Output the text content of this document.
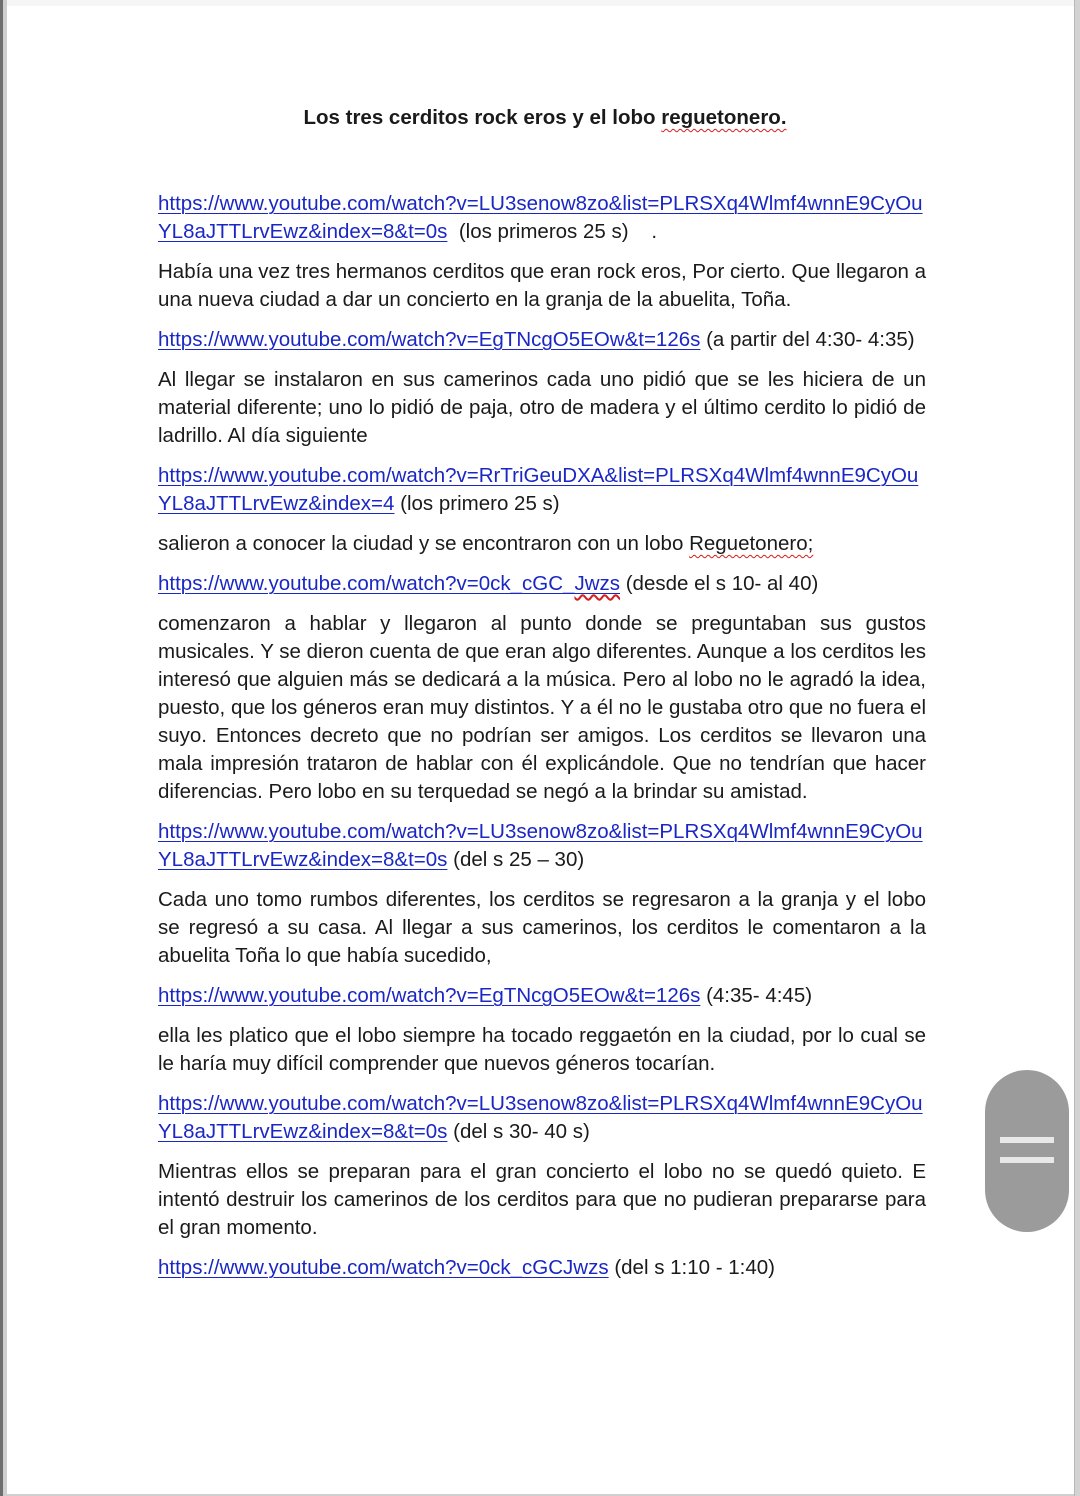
Los tres cerditos rock eros y el lobo reguetonero.

https://www.youtube.com/watch?v=LU3senow8zo&list=PLRSXq4Wlmf4wnnE9CyOuYL8aJTTLrvEwz&index=8&t=0s  (los primeros 25 s)    .

Había una vez tres hermanos cerditos que eran rock eros, Por cierto. Que llegaron a una nueva ciudad a dar un concierto en la granja de la abuelita, Toña.

https://www.youtube.com/watch?v=EgTNcgO5EOw&t=126s (a partir del 4:30- 4:35)

Al llegar se instalaron en sus camerinos cada uno pidió que se les hiciera de un material diferente; uno lo pidió de paja, otro de madera y el último cerdito lo pidió de ladrillo. Al día siguiente

https://www.youtube.com/watch?v=RrTriGeuDXA&list=PLRSXq4Wlmf4wnnE9CyOuYL8aJTTLrvEwz&index=4 (los primero 25 s)

salieron a conocer la ciudad y se encontraron con un lobo Reguetonero;

https://www.youtube.com/watch?v=0ck_cGC_Jwzs (desde el s 10- al 40)

comenzaron a hablar y llegaron al punto donde se preguntaban sus gustos musicales. Y se dieron cuenta de que eran algo diferentes. Aunque a los cerditos les interesó que alguien más se dedicará a la música. Pero al lobo no le agradó la idea, puesto, que los géneros eran muy distintos. Y a él no le gustaba otro que no fuera el suyo. Entonces decreto que no podrían ser amigos. Los cerditos se llevaron una mala impresión trataron de hablar con él explicándole. Que no tendrían que hacer diferencias. Pero lobo en su terquedad se negó a la brindar su amistad.

https://www.youtube.com/watch?v=LU3senow8zo&list=PLRSXq4Wlmf4wnnE9CyOuYL8aJTTLrvEwz&index=8&t=0s (del s 25 – 30)

Cada uno tomo rumbos diferentes, los cerditos se regresaron a la granja y el lobo se regresó a su casa. Al llegar a sus camerinos, los cerditos le comentaron a la abuelita Toña lo que había sucedido,

https://www.youtube.com/watch?v=EgTNcgO5EOw&t=126s (4:35- 4:45)

ella les platico que el lobo siempre ha tocado reggaetón en la ciudad, por lo cual se le haría muy difícil comprender que nuevos géneros tocarían.

https://www.youtube.com/watch?v=LU3senow8zo&list=PLRSXq4Wlmf4wnnE9CyOuYL8aJTTLrvEwz&index=8&t=0s (del s 30- 40 s)

Mientras ellos se preparan para el gran concierto el lobo no se quedó quieto. E intentó destruir los camerinos de los cerditos para que no pudieran prepararse para el gran momento.

https://www.youtube.com/watch?v=0ck_cGCJwzs (del s 1:10 - 1:40)
